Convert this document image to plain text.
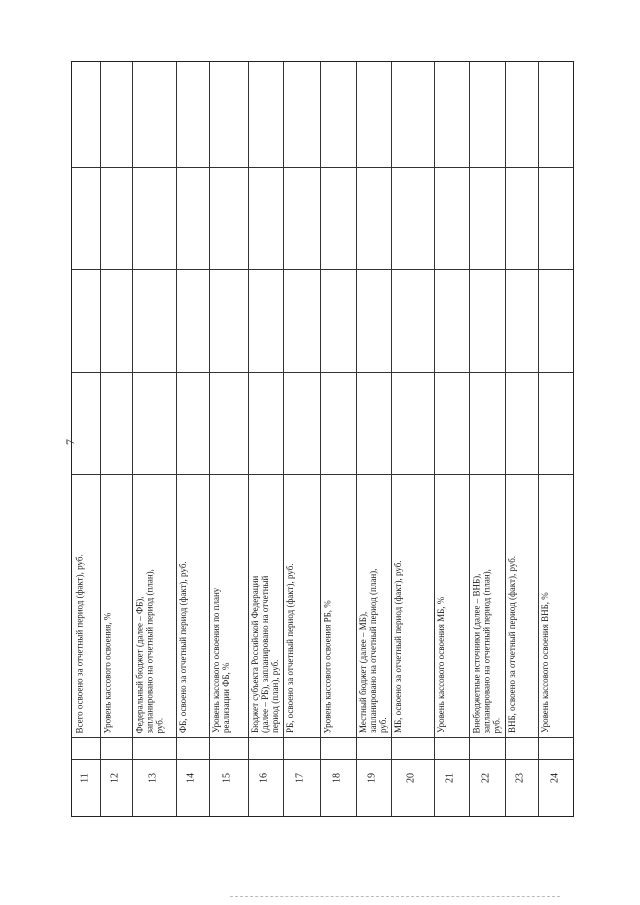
7
Всего освоено за отчетный период (факт), руб.
11
Уровень кассового освоения, %
12
Федеральный бюджет (далее – ФБ),
запланировано на отчетный период (план),
руб.
13
ФБ, освоено за отчетный период (факт), руб.
14
Уровень кассового освоения по плану
реализации ФБ, %
15
Бюджет субъекта Российской Федерации
(далее – РБ), запланировано на отчетный
период (план), руб.
16
РБ, освоено за отчетный период (факт), руб.
17
Уровень кассового освоения РБ, %
18
Местный бюджет (далее – МБ),
запланировано на отчетный период (план),
руб.
19
МБ, освоено за отчетный период (факт), руб.
20
Уровень кассового освоения МБ, %
21
Внебюджетные источники (далее – ВНБ),
запланировано на отчетный период (план),
руб.
22
ВНБ, освоено за отчетный период (факт), руб.
23
Уровень кассового освоения ВНБ, %
24
